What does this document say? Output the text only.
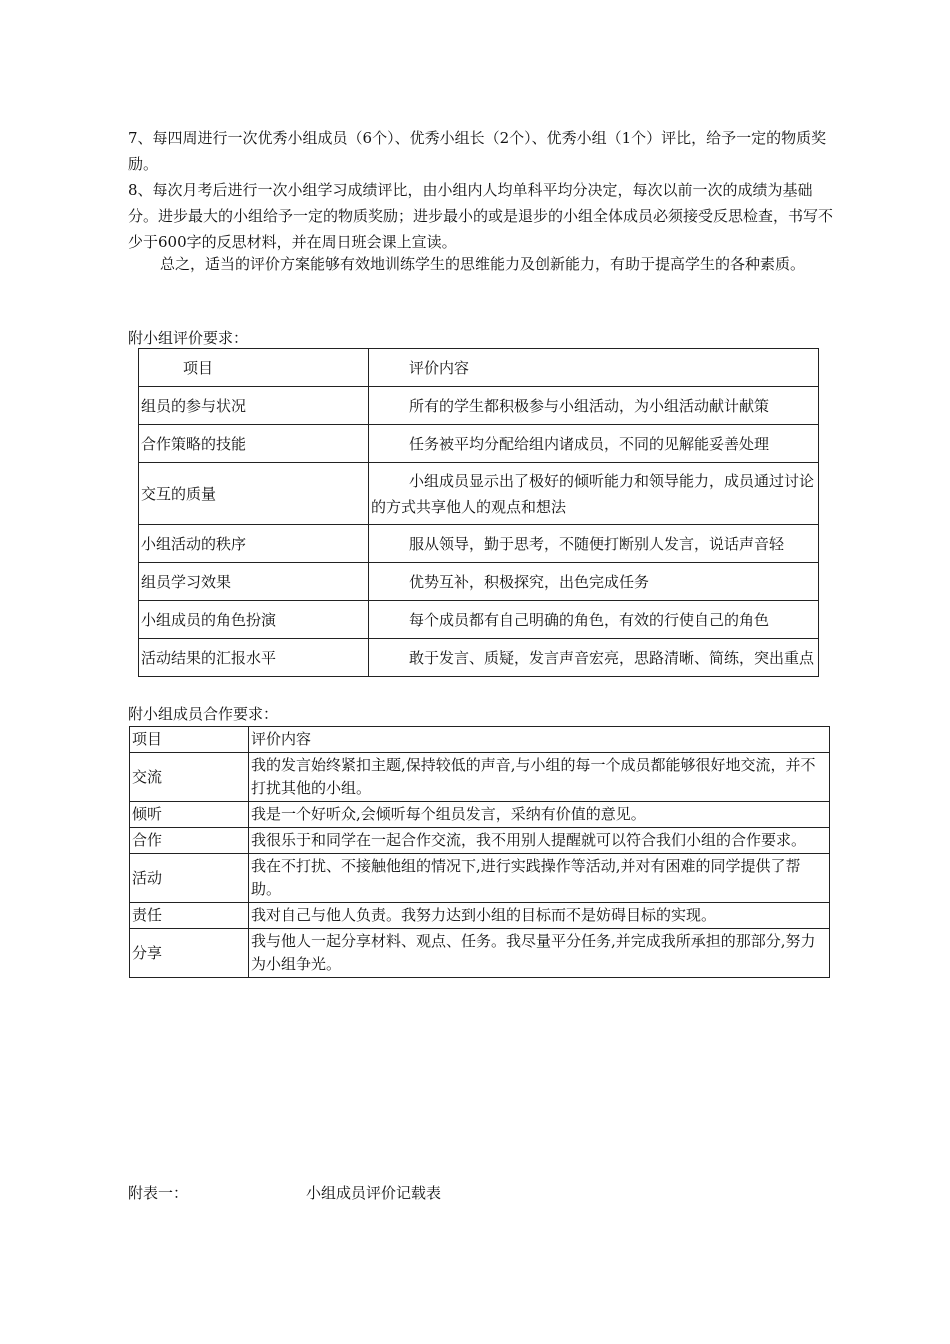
7、每四周进行一次优秀小组成员（6个）、优秀小组长（2个）、优秀小组（1个）评比，给予一定的物质奖励。
8、每次月考后进行一次小组学习成绩评比，由小组内人均单科平均分决定，每次以前一次的成绩为基础分。进步最大的小组给予一定的物质奖励；进步最小的或是退步的小组全体成员必须接受反思检查，书写不少于600字的反思材料，并在周日班会课上宣读。
总之，适当的评价方案能够有效地训练学生的思维能力及创新能力，有助于提高学生的各种素质。
附小组评价要求：
项目	评价内容
组员的参与状况	所有的学生都积极参与小组活动，为小组活动献计献策
合作策略的技能	任务被平均分配给组内诸成员，不同的见解能妥善处理
交互的质量	小组成员显示出了极好的倾听能力和领导能力，成员通过讨论的方式共享他人的观点和想法
小组活动的秩序	服从领导，勤于思考，不随便打断别人发言，说话声音轻
组员学习效果	优势互补，积极探究，出色完成任务
小组成员的角色扮演	每个成员都有自己明确的角色，有效的行使自己的角色
活动结果的汇报水平	敢于发言、质疑，发言声音宏亮，思路清晰、简练，突出重点
附小组成员合作要求：
项目	评价内容
交流	我的发言始终紧扣主题,保持较低的声音,与小组的每一个成员都能够很好地交流，并不打扰其他的小组。
倾听	我是一个好听众,会倾听每个组员发言，采纳有价值的意见。
合作	我很乐于和同学在一起合作交流，我不用别人提醒就可以符合我们小组的合作要求。
活动	我在不打扰、不接触他组的情况下,进行实践操作等活动,并对有困难的同学提供了帮助。
责任	我对自己与他人负责。我努力达到小组的目标而不是妨碍目标的实现。
分享	我与他人一起分享材料、观点、任务。我尽量平分任务,并完成我所承担的那部分,努力为小组争光。
附表一：	小组成员评价记载表
